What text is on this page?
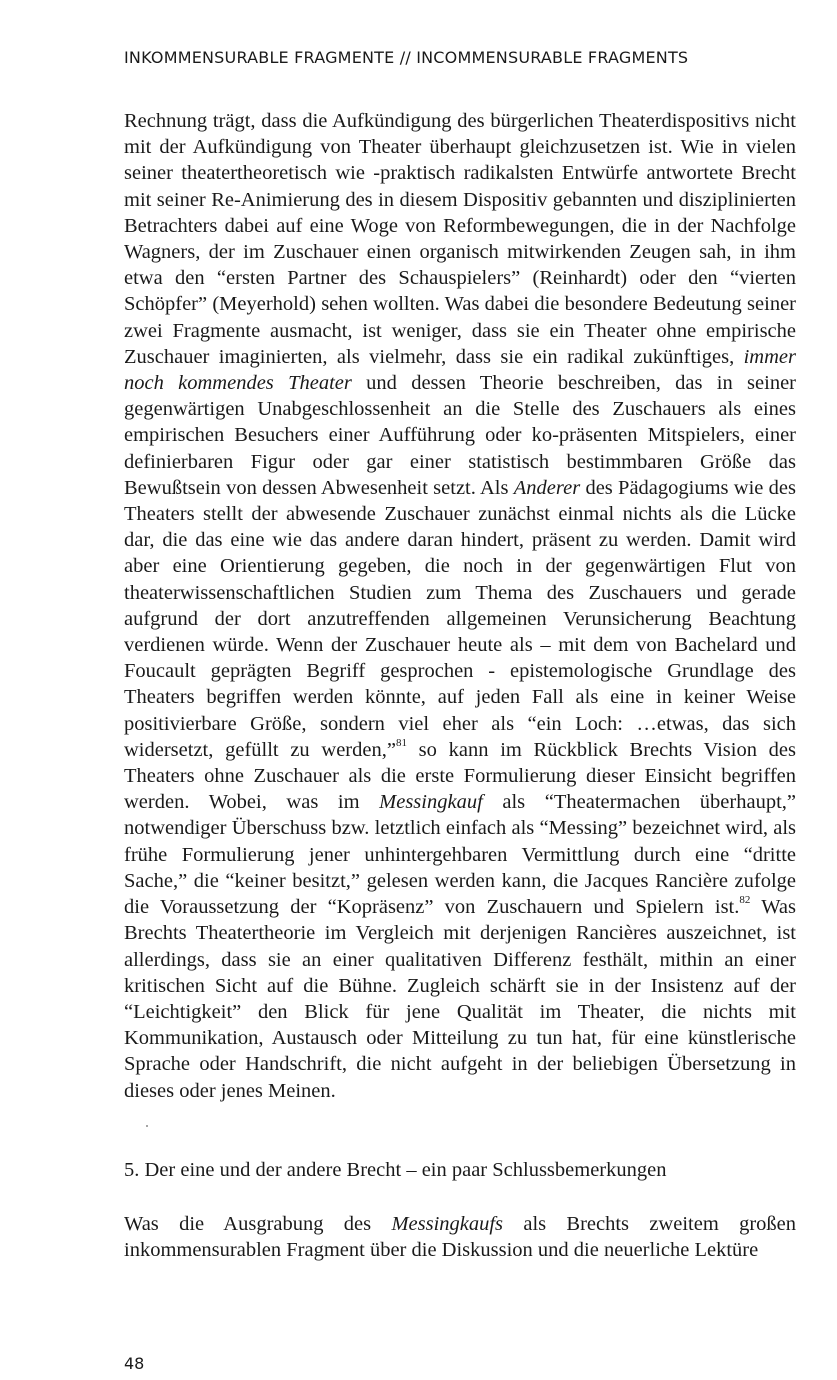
INKOMMENSURABLE FRAGMENTE // INCOMMENSURABLE FRAGMENTS

Rechnung trägt, dass die Aufkündigung des bürgerlichen Theaterdispositivs nicht mit der Aufkündigung von Theater überhaupt gleichzusetzen ist. Wie in vielen seiner theatertheoretisch wie -praktisch radikalsten Entwürfe antwortete Brecht mit seiner Re-Animierung des in diesem Dispositiv gebannten und disziplinierten Betrachters dabei auf eine Woge von Reformbewegungen, die in der Nachfolge Wagners, der im Zuschauer einen organisch mitwirkenden Zeugen sah, in ihm etwa den “ersten Partner des Schauspielers” (Reinhardt) oder den “vierten Schöpfer” (Meyerhold) sehen wollten. Was dabei die besondere Bedeutung seiner zwei Fragmente ausmacht, ist weniger, dass sie ein Theater ohne empirische Zuschauer imaginierten, als vielmehr, dass sie ein radikal zukünftiges, immer noch kommendes Theater und dessen Theorie beschreiben, das in seiner gegenwärtigen Unabgeschlossenheit an die Stelle des Zuschauers als eines empirischen Besuchers einer Aufführung oder ko-präsenten Mitspielers, einer definierbaren Figur oder gar einer statistisch bestimmbaren Größe das Bewußtsein von dessen Abwesenheit setzt. Als Anderer des Pädagogiums wie des Theaters stellt der abwesende Zuschauer zunächst einmal nichts als die Lücke dar, die das eine wie das andere daran hindert, präsent zu werden. Damit wird aber eine Orientierung gegeben, die noch in der gegenwärtigen Flut von theaterwissenschaftlichen Studien zum Thema des Zuschauers und gerade aufgrund der dort anzutreffenden allgemeinen Verunsicherung Beachtung verdienen würde. Wenn der Zuschauer heute als – mit dem von Bachelard und Foucault geprägten Begriff gesprochen - epistemologische Grundlage des Theaters begriffen werden könnte, auf jeden Fall als eine in keiner Weise positivierbare Größe, sondern viel eher als “ein Loch: …etwas, das sich widersetzt, gefüllt zu werden,”$^{81}$ so kann im Rückblick Brechts Vision des Theaters ohne Zuschauer als die erste Formulierung dieser Einsicht begriffen werden. Wobei, was im Messingkauf als “Theatermachen überhaupt,” notwendiger Überschuss bzw. letztlich einfach als “Messing” bezeichnet wird, als frühe Formulierung jener unhintergehbaren Vermittlung durch eine “dritte Sache,” die “keiner besitzt,” gelesen werden kann, die Jacques Rancière zufolge die Voraussetzung der “Kopräsenz” von Zuschauern und Spielern ist.$^{82}$ Was Brechts Theatertheorie im Vergleich mit derjenigen Rancières auszeichnet, ist allerdings, dass sie an einer qualitativen Differenz festhält, mithin an einer kritischen Sicht auf die Bühne. Zugleich schärft sie in der Insistenz auf der “Leichtigkeit” den Blick für jene Qualität im Theater, die nichts mit Kommunikation, Austausch oder Mitteilung zu tun hat, für eine künstlerische Sprache oder Handschrift, die nicht aufgeht in der beliebigen Übersetzung in dieses oder jenes Meinen.

5. Der eine und der andere Brecht – ein paar Schlussbemerkungen

Was die Ausgrabung des Messingkaufs als Brechts zweitem großen inkommensurablen Fragment über die Diskussion und die neuerliche Lektüre

48
